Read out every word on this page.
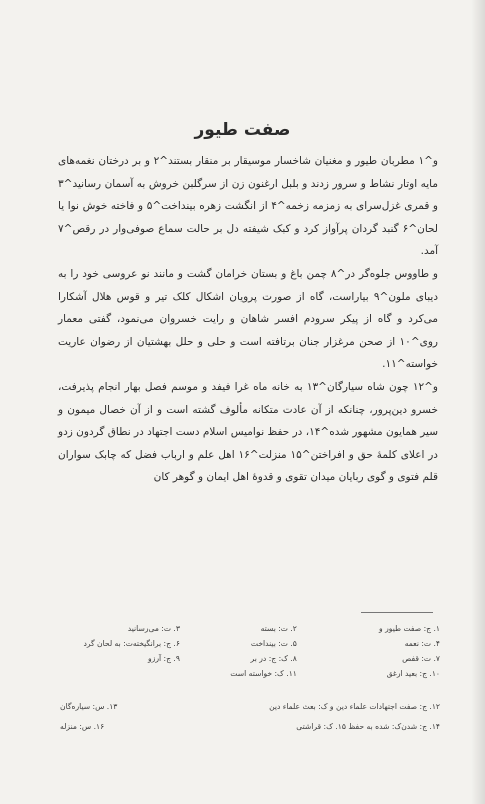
صفت طیور

و^۱ مطربان طیور و مغنیان شاخسار موسیقار بر منقار بستند^۲ و بر درختان نغمه‌های مایه اوتار نشاط و سرور زدند و بلبل ارغنون زن از سرگلبن خروش به آسمان رسانید^۳ و قمری غزل‌سرای به زمزمه زخمه^۴ از انگشت زهره بینداخت^۵ و فاخته خوش نوا یا لحان^۶ گنبد گردان پرآواز کرد و کبک شیفته دل بر حالت سماع صوفی‌وار در رقص^۷ آمد.

و طاووس جلوه‌گر در^۸ چمن باغ و بستان خرامان گشت و مانند نو عروسی خود را به دیبای ملون^۹ بیاراست، گاه از صورت پرویان اشکال کلک تیر و قوس هلال آشکارا می‌کرد و گاه از پیکر سرودم افسر شاهان و رایت خسروان می‌نمود، گفتی معمار روی^۱۰ از صحن مرغزار جنان برتافته است و حلی و حلل بهشتیان از رضوان عاریت خواسته^۱۱.

و^۱۲ چون شاه سیارگان^۱۳ به خانه ماه غرا فیفد و موسم فصل بهار انجام پذیرفت، خسرو دین‌پرور، چنانکه از آن عادت متکانه مألوف گشته است و از آن خصال میمون و سیر همایون مشهور شده^۱۴، در حفظ نوامیس اسلام دست اجتهاد در نطاق گردون زدو در اعلای کلمهٔ حق و افراختن^۱۵ منزلت^۱۶ اهل علم و ارباب فضل که چابک سواران قلم فتوی و گوی ربایان میدان تقوی و قدوهٔ اهل ایمان و گوهر کان

۱. ج: صفت طیور و
۲. ت: بسته
۳. ت: می‌رسانید
۴. ت: نعمه
۵. ت: بینداخت
۶. ج: برانگیخته‌ت: به لحان گرد
۷. ت: قفص
۸. ک: ج: در بر
۹. ج: آرزو
۱۰. ج: بعید ارغق
۱۱. ک: خواسته است
۱۲. ج: صفت اجتهادات علماء دین و ک: بعث علماء دین
۱۴. ج: شدن‌ک: شده به حفظ ۱۵. ک: قراشتی
۱۳. س: سیاره‌گان
۱۶. س: منزله
